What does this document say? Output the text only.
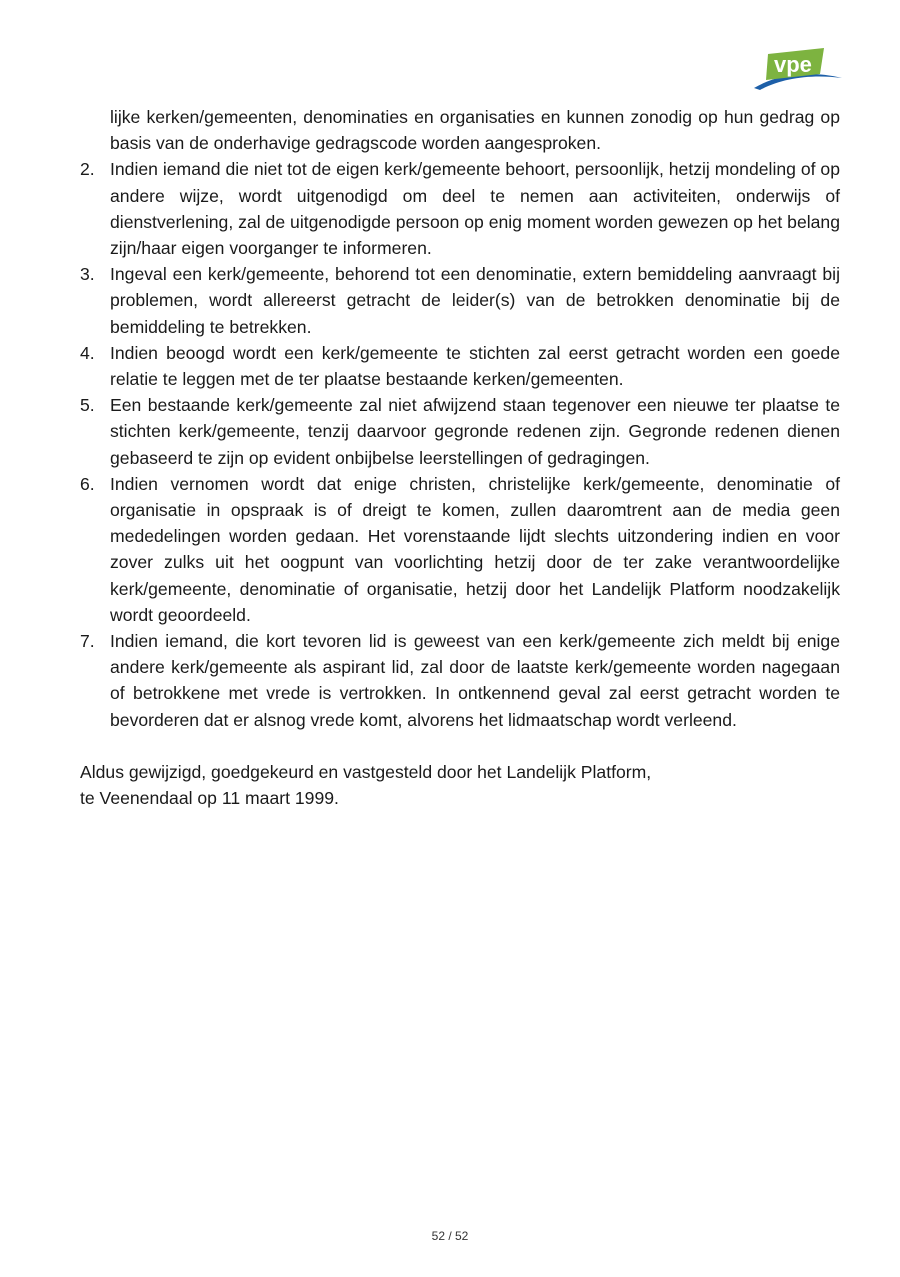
vpe
lijke kerken/gemeenten, denominaties en organisaties en kunnen zonodig op hun gedrag op basis van de onderhavige gedragscode worden aangesproken.
2. Indien iemand die niet tot de eigen kerk/gemeente behoort, persoonlijk, hetzij mondeling of op andere wijze, wordt uitgenodigd om deel te nemen aan activiteiten, onderwijs of dienstverlening, zal de uitgenodigde persoon op enig moment worden gewezen op het belang zijn/haar eigen voorganger te informeren.
3. Ingeval een kerk/gemeente, behorend tot een denominatie, extern bemiddeling aanvraagt bij problemen, wordt allereerst getracht de leider(s) van de betrokken denominatie bij de bemiddeling te betrekken.
4. Indien beoogd wordt een kerk/gemeente te stichten zal eerst getracht worden een goede relatie te leggen met de ter plaatse bestaande kerken/gemeenten.
5. Een bestaande kerk/gemeente zal niet afwijzend staan tegenover een nieuwe ter plaatse te stichten kerk/gemeente, tenzij daarvoor gegronde redenen zijn. Gegronde redenen dienen gebaseerd te zijn op evident onbijbelse leerstellingen of gedragingen.
6. Indien vernomen wordt dat enige christen, christelijke kerk/gemeente, denominatie of organisatie in opspraak is of dreigt te komen, zullen daaromtrent aan de media geen mededelingen worden gedaan. Het vorenstaande lijdt slechts uitzondering indien en voor zover zulks uit het oogpunt van voorlichting hetzij door de ter zake verantwoordelijke kerk/gemeente, denominatie of organisatie, hetzij door het Landelijk Platform noodzakelijk wordt geoordeeld.
7. Indien iemand, die kort tevoren lid is geweest van een kerk/gemeente zich meldt bij enige andere kerk/gemeente als aspirant lid, zal door de laatste kerk/gemeente worden nagegaan of betrokkene met vrede is vertrokken. In ontkennend geval zal eerst getracht worden te bevorderen dat er alsnog vrede komt, alvorens het lidmaatschap wordt verleend.
Aldus gewijzigd, goedgekeurd en vastgesteld door het Landelijk Platform,
te Veenendaal op 11 maart 1999.
52 / 52
